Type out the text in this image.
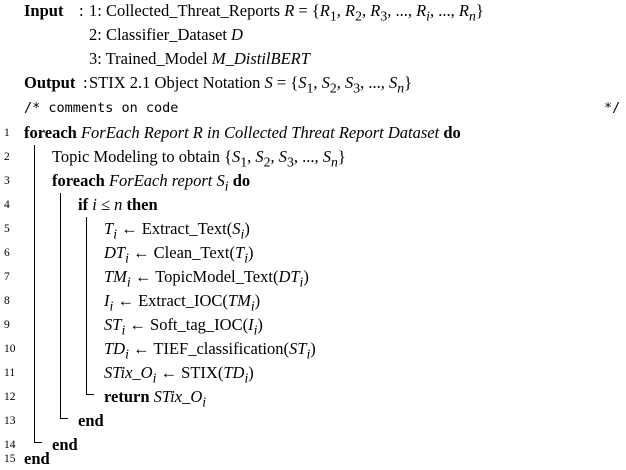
Input : 1: Collected_Threat_Reports $R = \{R_1$, $R_2$, $R_3$, ..., $R_i$, ..., $R_n$}
2: Classifier_Dataset D
3: Trained_Model M_DistilBERT
Output : STIX 2.1 Object Notation $S = \{S_1$, $S_2$, $S_3$, ..., $S_n$}
/* comments on code	*/
1
2
3
4
5
6
7
8
9
10
11
12
13
14
foreach ForEach Report R in Collected Threat Report Dataset do
Topic Modeling to obtain {$S_1$, $S_2$, $S_3$, ..., $S_n$}
foreach ForEach report $S_i$ do
if i ≤ n then
$T_i$ ← $Extract\_Text(S_i)$
$DT_i$ ← $Clean\_Text(T_i)$
$TM_i$ ← $TopicModel\_Text(DT_i)$
$I_i$ ← $Extract\_IOC(TM_i)$
$ST_i$ ← $Soft\_tag\_IOC(I_i)$
$TD_i$ ← $TIEF\_classification(ST_i)$
$STix\_O_i$ ← $STIX(TD_i)$
return $STix\_O_i$
end
end
end
15
